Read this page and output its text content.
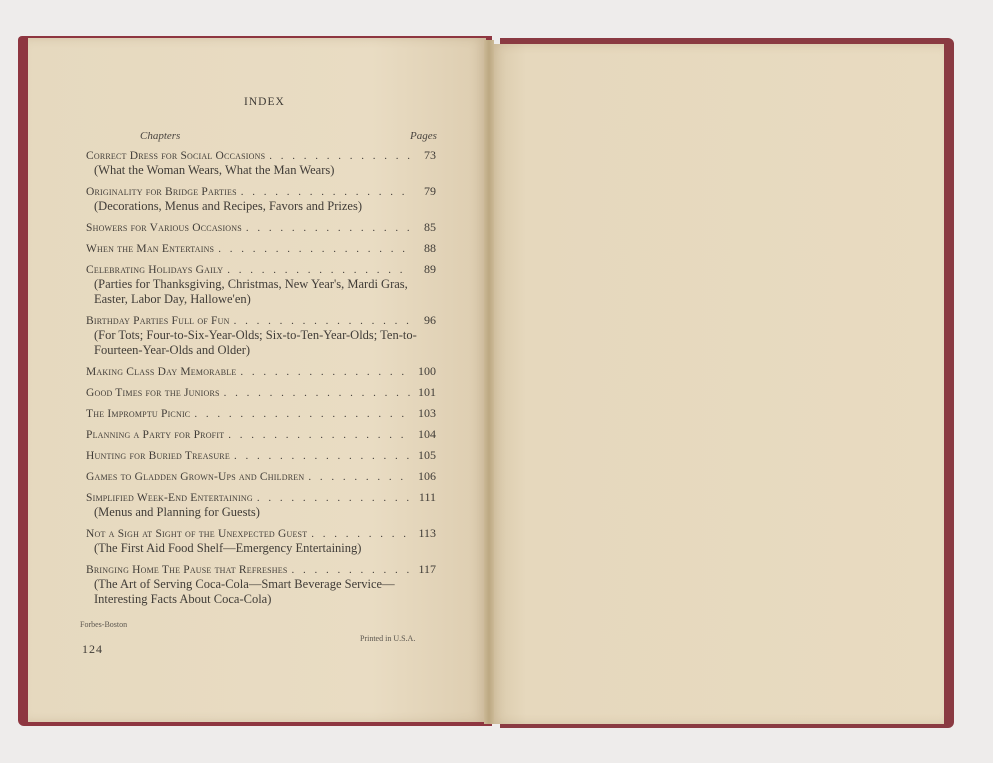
INDEX
Chapters	Pages
Correct Dress for Social Occasions . . .	73
(What the Woman Wears, What the Man Wears)
Originality for Bridge Parties . . .	79
(Decorations, Menus and Recipes, Favors and Prizes)
Showers for Various Occasions . . .	85
When the Man Entertains . . .	88
Celebrating Holidays Gaily . . .	89
(Parties for Thanksgiving, Christmas, New Year's, Mardi Gras, Easter, Labor Day, Hallowe'en)
Birthday Parties Full of Fun . . .	96
(For Tots; Four-to-Six-Year-Olds; Six-to-Ten-Year-Olds; Ten-to-Fourteen-Year-Olds and Older)
Making Class Day Memorable . . .	100
Good Times for the Juniors . . .	101
The Impromptu Picnic . . .	103
Planning a Party for Profit . . .	104
Hunting for Buried Treasure . . .	105
Games to Gladden Grown-Ups and Children . . .	106
Simplified Week-End Entertaining . . .	111
(Menus and Planning for Guests)
Not a Sigh at Sight of the Unexpected Guest . . .	113
(The First Aid Food Shelf—Emergency Entertaining)
Bringing Home The Pause that Refreshes . . .	117
(The Art of Serving Coca-Cola—Smart Beverage Service—Interesting Facts About Coca-Cola)
Forbes-Boston
Printed in U.S.A.
124
